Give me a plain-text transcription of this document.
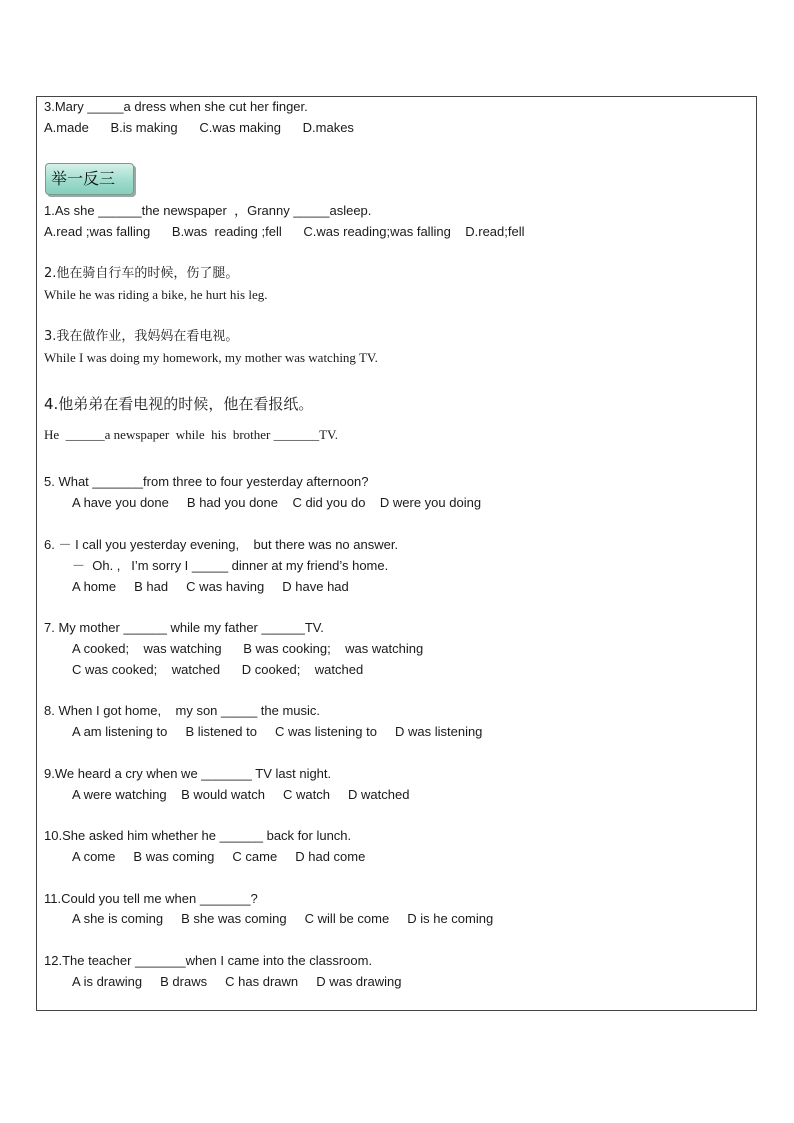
3.Mary _____a dress when she cut her finger.
A.made      B.is making      C.was making      D.makes
举一反三
1.As she ______the newspaper  ，Granny _____asleep.
A.read ;was falling      B.was  reading ;fell      C.was reading;was falling    D.read;fell
2.他在骑自行车的时候，伤了腿。
While he was riding a bike, he hurt his leg.
3.我在做作业，我妈妈在看电视。
While I was doing my homework, my mother was watching TV.
4.他弟弟在看电视的时候，他在看报纸。
He  ______a newspaper  while  his  brother _______TV.
5. What _______from three to four yesterday afternoon?
A have you done     B had you done    C did you do    D were you doing
6. － I call you yesterday evening,    but there was no answer.
－  Oh. ,   I’m sorry I _____ dinner at my friend’s home.
A home     B had     C was having     D have had
7. My mother ______ while my father ______TV.
A cooked;    was watching      B was cooking;    was watching
C was cooked;    watched      D cooked;    watched
8. When I got home,    my son _____ the music.
A am listening to     B listened to     C was listening to     D was listening
9.We heard a cry when we _______ TV last night.
A were watching    B would watch     C watch     D watched
10.She asked him whether he ______ back for lunch.
A come     B was coming     C came     D had come
11.Could you tell me when _______?
A she is coming     B she was coming     C will be come     D is he coming
12.The teacher _______when I came into the classroom.
A is drawing     B draws     C has drawn     D was drawing
